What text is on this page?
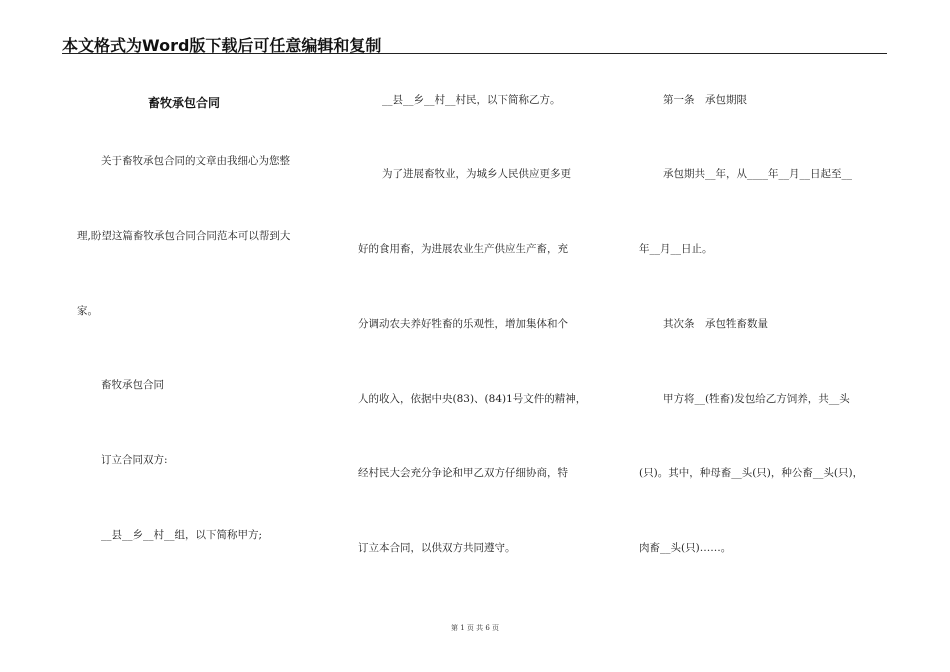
本文格式为Word版下载后可任意编辑和复制
畜牧承包合同
关于畜牧承包合同的文章由我细心为您整
理,盼望这篇畜牧承包合同合同范本可以帮到大
家。
畜牧承包合同
订立合同双方:
__县__乡__村__组，以下简称甲方;
__县__乡__村__村民，以下简称乙方。
为了进展畜牧业，为城乡人民供应更多更
好的食用畜，为进展农业生产供应生产畜，充
分调动农夫养好牲畜的乐观性，增加集体和个
人的收入，依据中央(83)、(84)1号文件的精神，
经村民大会充分争论和甲乙双方仔细协商，特
订立本合同，以供双方共同遵守。
第一条　承包期限
承包期共__年，从____年__月__日起至__
年__月__日止。
其次条　承包牲畜数量
甲方将__(牲畜)发包给乙方饲养，共__头
(只)。其中，种母畜__头(只)，种公畜__头(只)，
肉畜__头(只)……。
第 1 页 共 6 页
